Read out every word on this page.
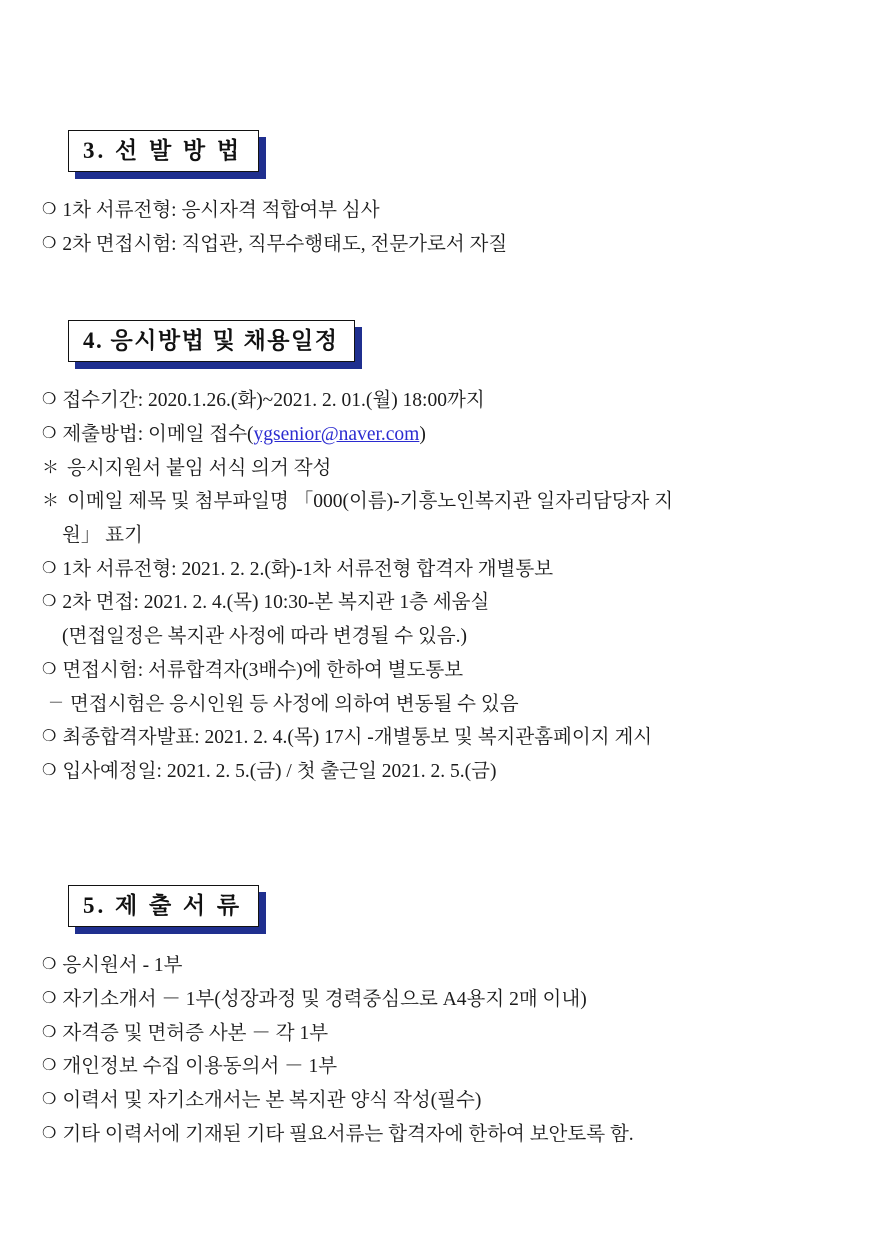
3. 선 발 방 법
❍ 1차 서류전형: 응시자격 적합여부 심사
❍ 2차 면접시험: 직업관, 직무수행태도, 전문가로서 자질
4. 응시방법 및 채용일정
❍ 접수기간: 2020.1.26.(화)~2021. 2. 01.(월) 18:00까지
❍ 제출방법: 이메일 접수(ygsenior@naver.com)
＊ 응시지원서 붙임 서식 의거 작성
＊ 이메일 제목 및 첨부파일명 「000(이름)-기흥노인복지관 일자리담당자 지
원」 표기
❍ 1차 서류전형: 2021. 2. 2.(화)-1차 서류전형 합격자 개별통보
❍ 2차 면접: 2021. 2. 4.(목) 10:30-본 복지관 1층 세움실
(면접일정은 복지관 사정에 따라 변경될 수 있음.)
❍ 면접시험: 서류합격자(3배수)에 한하여 별도통보
－ 면접시험은 응시인원 등 사정에 의하여 변동될 수 있음
❍ 최종합격자발표: 2021. 2. 4.(목) 17시 -개별통보 및 복지관홈페이지 게시
❍ 입사예정일: 2021. 2. 5.(금) / 첫 출근일 2021. 2. 5.(금)
5. 제 출 서 류
❍ 응시원서 - 1부
❍ 자기소개서 － 1부(성장과정 및 경력중심으로 A4용지 2매 이내)
❍ 자격증 및 면허증 사본 － 각 1부
❍ 개인정보 수집 이용동의서 － 1부
❍ 이력서 및 자기소개서는 본 복지관 양식 작성(필수)
❍ 기타 이력서에 기재된 기타 필요서류는 합격자에 한하여 보안토록 함.
